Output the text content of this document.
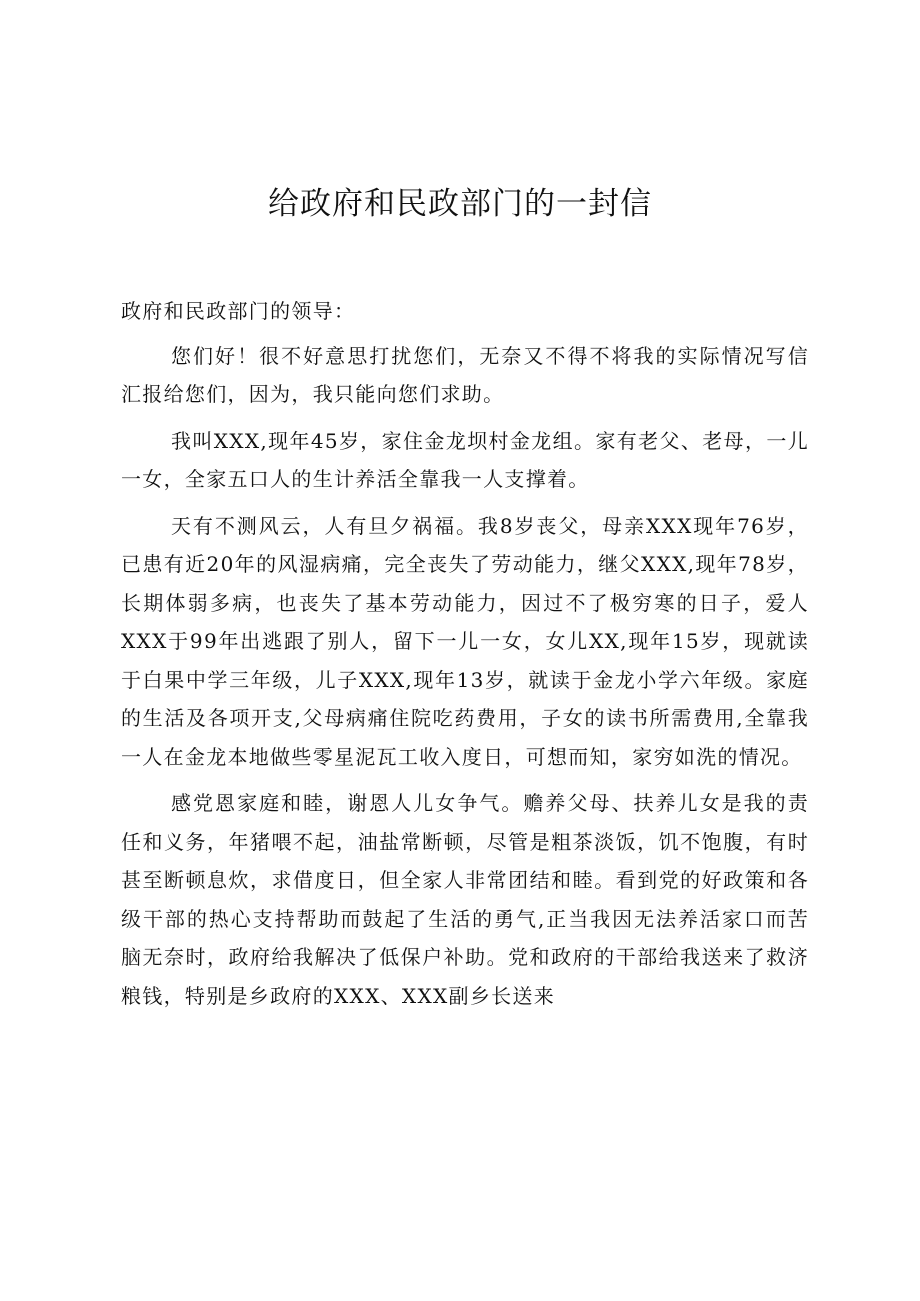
给政府和民政部门的一封信

政府和民政部门的领导：

您们好！很不好意思打扰您们，无奈又不得不将我的实际情况写信汇报给您们，因为，我只能向您们求助。

我叫XXX,现年45岁，家住金龙坝村金龙组。家有老父、老母，一儿一女，全家五口人的生计养活全靠我一人支撑着。

天有不测风云，人有旦夕祸福。我8岁丧父，母亲XXX现年76岁，已患有近20年的风湿病痛，完全丧失了劳动能力，继父XXX,现年78岁，长期体弱多病，也丧失了基本劳动能力，因过不了极穷寒的日子，爱人XXX于99年出逃跟了别人，留下一儿一女，女儿XX,现年15岁，现就读于白果中学三年级，儿子XXX,现年13岁，就读于金龙小学六年级。家庭的生活及各项开支,父母病痛住院吃药费用，子女的读书所需费用,全靠我一人在金龙本地做些零星泥瓦工收入度日，可想而知，家穷如洗的情况。

感党恩家庭和睦，谢恩人儿女争气。赡养父母、扶养儿女是我的责任和义务，年猪喂不起，油盐常断顿，尽管是粗茶淡饭，饥不饱腹，有时甚至断顿息炊，求借度日，但全家人非常团结和睦。看到党的好政策和各级干部的热心支持帮助而鼓起了生活的勇气,正当我因无法养活家口而苦脑无奈时，政府给我解决了低保户补助。党和政府的干部给我送来了救济粮钱，特别是乡政府的XXX、XXX副乡长送来
